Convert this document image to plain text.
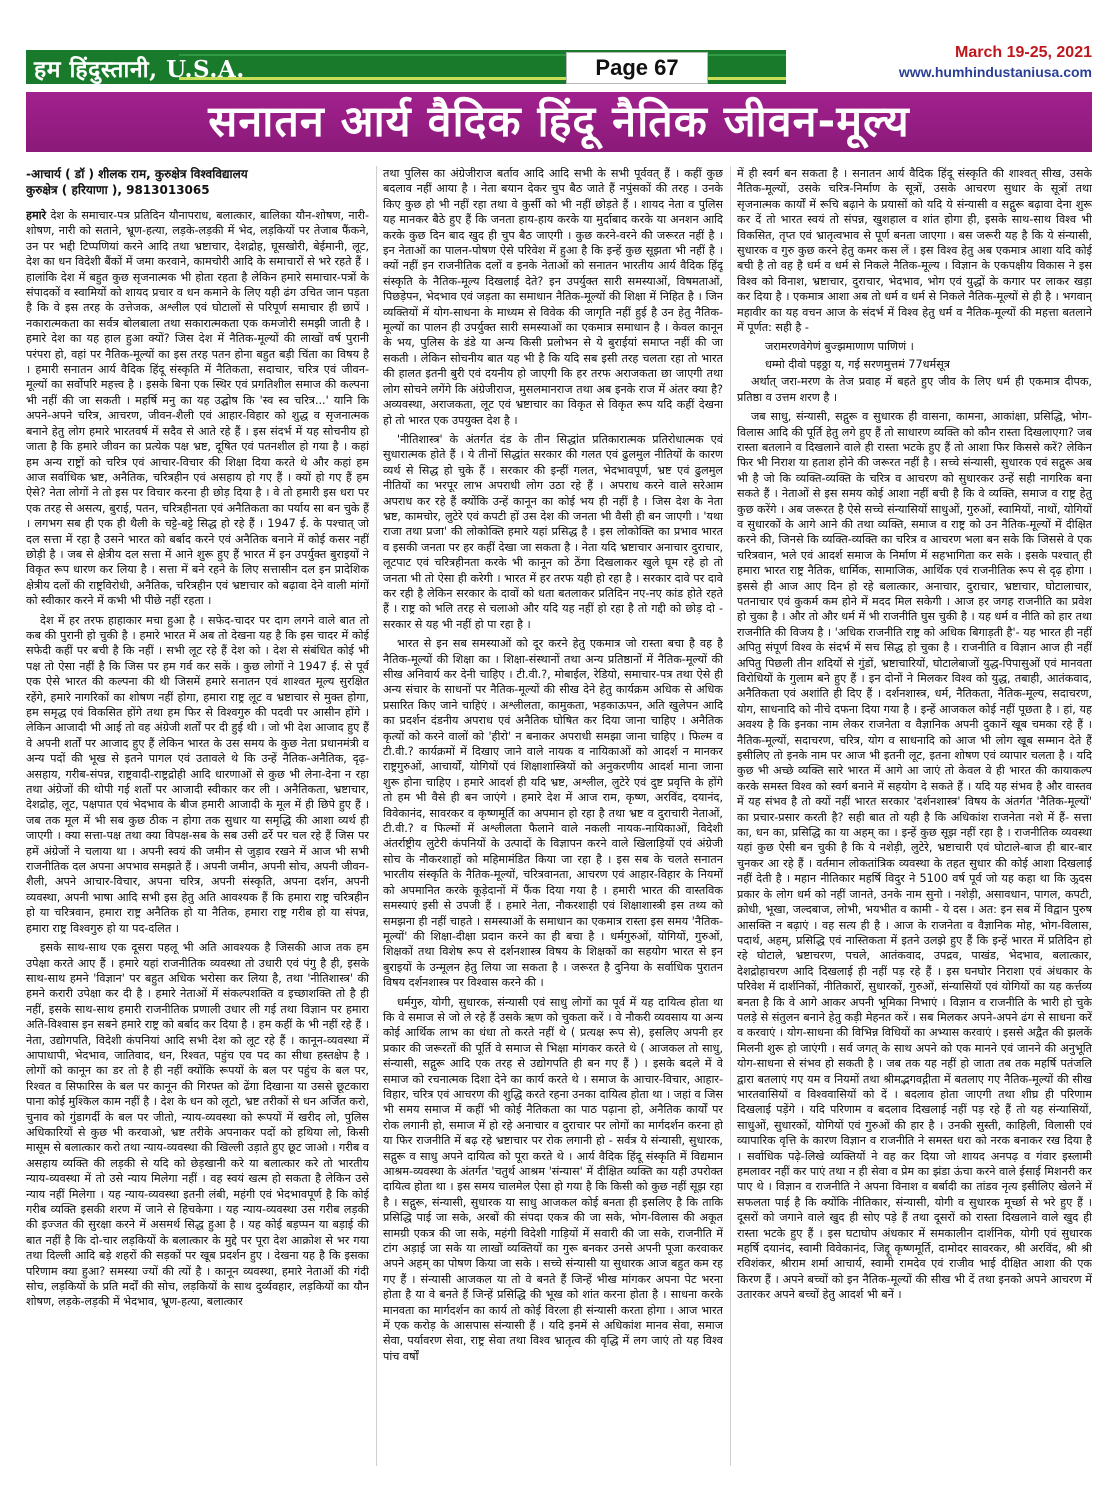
हम हिंदुस्तानी, U.S.A.	Page 67
March 19-25, 2021
www.humhindustaniusa.com
सनातन आर्य वैदिक हिंदू नैतिक जीवन-मूल्य
-आचार्य ( डॉ ) शीलक राम, कुरुक्षेत्र विश्वविद्यालय
कुरुक्षेत्र ( हरियाणा ), 9813013065

हमारे देश के समाचार-पत्र प्रतिदिन यौनापराध, बलात्कार, बालिका यौन-शोषण, नारी-शोषण, नारी को सताने, भ्रूण-हत्या, लड़के-लड़की में भेद, लड़कियों पर तेजाब फैंकने, उन पर भद्दी टिप्पणियां करने आदि तथा भ्रष्टाचार, देशद्रोह, घूसखोरी, बेईमानी, लूट, देश का धन विदेशी बैंकों में जमा करवाने, कामचोरी आदि के समाचारों से भरे रहते हैं । हालांकि देश में बहुत कुछ सृजनात्मक भी होता रहता है लेकिन हमारे समाचार-पत्रों के संपादकों व स्वामियों को शायद प्रचार व धन कमाने के लिए यही ढंग उचित जान पड़ता है कि वे इस तरह के उत्तेजक, अश्लील एवं घोटालों से परिपूर्ण समाचार ही छापें । नकारात्मकता का सर्वत्र बोलबाला तथा सकारात्मकता एक कमजोरी समझी जाती है । हमारे देश का यह हाल हुआ क्यों? जिस देश में नैतिक-मूल्यों की लाखों वर्ष पुरानी परंपरा हो, वहां पर नैतिक-मूल्यों का इस तरह पतन होना बहुत बड़ी चिंता का विषय है । हमारी सनातन आर्य वैदिक हिंदू संस्कृति में नैतिकता, सदाचार, चरित्र एवं जीवन-मूल्यों का सर्वोपरि महत्त्व है । इसके बिना एक स्थिर एवं प्रगतिशील समाज की कल्पना भी नहीं की जा सकती । महर्षि मनु का यह उद्घोष कि 'स्व स्व चरित्र...' यानि कि अपने-अपने चरित्र, आचरण, जीवन-शैली एवं आहार-विहार को शुद्ध व सृजनात्मक बनाने हेतु लोग हमारे भारतवर्ष में सदैव से आते रहे हैं । इस संदर्भ में यह सोचनीय हो जाता है कि हमारे जीवन का प्रत्येक पक्ष भ्रष्ट, दूषित एवं पतनशील हो गया है । कहां हम अन्य राष्ट्रों को चरित्र एवं आचार-विचार की शिक्षा दिया करते थे और कहां हम आज सर्वाधिक भ्रष्ट, अनैतिक, चरित्रहीन एवं असहाय हो गए हैं । क्यों हो गए हैं हम ऐसे? नेता लोगों ने तो इस पर विचार करना ही छोड़ दिया है । वे तो हमारी इस धरा पर एक तरह से असत्य, बुराई, पतन, चरित्रहीनता एवं अनैतिकता का पर्याय सा बन चुके हैं । लगभग सब ही एक ही थैली के चट्टे-बट्टे सिद्ध हो रहे हैं । 1947 ई. के पश्चात् जो दल सत्ता में रहा है उसने भारत को बर्बाद करने एवं अनैतिक बनाने में कोई कसर नहीं छोड़ी है । जब से क्षेत्रीय दल सत्ता में आने शुरू हुए हैं भारत में इन उपर्युक्त बुराइयों ने विकृत रूप धारण कर लिया है । सत्ता में बने रहने के लिए सत्तासीन दल इन प्रादेशिक क्षेत्रीय दलों की राष्ट्रविरोधी, अनैतिक, चरित्रहीन एवं भ्रष्टाचार को बढ़ावा देने वाली मांगों को स्वीकार करने में कभी भी पीछे नहीं रहता ।

देश में हर तरफ हाहाकार मचा हुआ है । सफेद-चादर पर दाग लगने वाले बात तो कब की पुरानी हो चुकी है । हमारे भारत में अब तो देखना यह है कि इस चादर में कोई सफेदी कहीं पर बची है कि नहीं । सभी लूट रहे हैं देश को । देश से संबंधित कोई भी पक्ष तो ऐसा नहीं है कि जिस पर हम गर्व कर सकें । कुछ लोगों ने 1947 ई. से पूर्व एक ऐसे भारत की कल्पना की थी जिसमें हमारे सनातन एवं शाश्वत मूल्य सुरक्षित रहेंगे, हमारे नागरिकों का शोषण नहीं होगा, हमारा राष्ट्र लूट व भ्रष्टाचार से मुक्त होगा, हम समृद्ध एवं विकसित होंगे तथा हम फिर से विश्वगुरु की पदवी पर आसीन होंगे । लेकिन आजादी भी आई तो वह अंग्रेजी शर्तों पर दी हुई थी । जो भी देश आजाद हुए हैं वे अपनी शर्तों पर आजाद हुए हैं लेकिन भारत के उस समय के कुछ नेता प्रधानमंत्री व अन्य पदों की भूख से इतने पागल एवं उतावले थे कि उन्हें नैतिक-अनैतिक, दृढ़-असहाय, गरीब-संपन्न, राष्ट्रवादी-राष्ट्रद्रोही आदि धारणाओं से कुछ भी लेना-देना न रहा तथा अंग्रेजों की थोपी गई शर्तों पर आजादी स्वीकार कर ली । अनैतिकता, भ्रष्टाचार, देशद्रोह, लूट, पक्षपात एवं भेदभाव के बीज हमारी आजादी के मूल में ही छिपे हुए हैं । जब तक मूल में भी सब कुछ ठीक न होगा तक सुधार या समृद्धि की आशा व्यर्थ ही जाएगी । क्या सत्ता-पक्ष तथा क्या विपक्ष-सब के सब उसी ढर्रे पर चल रहे हैं जिस पर हमें अंग्रेजों ने चलाया था । अपनी स्वयं की जमीन से जुड़ाव रखने में आज भी सभी राजनीतिक दल अपना अपभाव समझते हैं । अपनी जमीन, अपनी सोच, अपनी जीवन-शैली, अपने आचार-विचार, अपना चरित्र, अपनी संस्कृति, अपना दर्शन, अपनी व्यवस्था, अपनी भाषा आदि सभी इस हेतु अति आवश्यक हैं कि हमारा राष्ट्र चरित्रहीन हो या चरित्रवान, हमारा राष्ट्र अनैतिक हो या नैतिक, हमारा राष्ट्र गरीब हो या संपन्न, हमारा राष्ट्र विश्वगुरु हो या पद-दलित ।

इसके साथ-साथ एक दूसरा पहलू भी अति आवश्यक है जिसकी आज तक हम उपेक्षा करते आए हैं । हमारे यहां राजनीतिक व्यवस्था तो उधारी एवं पंगु है ही, इसके साथ-साथ हमने 'विज्ञान' पर बहुत अधिक भरोसा कर लिया है, तथा 'नीतिशास्त्र' की हमने करारी उपेक्षा कर दी है । हमारे नेताओं में संकल्पशक्ति व इच्छाशक्ति तो है ही नहीं, इसके साथ-साथ हमारी राजनीतिक प्रणाली उधार ली गई तथा विज्ञान पर हमारा अति-विश्वास इन सबने हमारे राष्ट्र को बर्बाद कर दिया है । हम कहीं के भी नहीं रहे हैं । नेता, उद्योगपति, विदेशी कंपनियां आदि सभी देश को लूट रहे हैं । कानून-व्यवस्था में आपाधापी, भेदभाव, जातिवाद, धन, रिश्वत, पहुंच एव पद का सीधा हस्तक्षेप है । लोगों को कानून का डर तो है ही नहीं क्योंकि रूपयों के बल पर पहुंच के बल पर, रिश्वत व सिफारिस के बल पर कानून की गिरफ्त को ढेंगा दिखाना या उससे छूटकारा पाना कोई मुश्किल काम नहीं है । देश के धन को लूटो, भ्रष्ट तरीकों से धन अर्जित करो, चुनाव को गुंडागर्दी के बल पर जीतो, न्याय-व्यवस्था को रूपयों में खरीद लो, पुलिस अधिकारियों से कुछ भी करवाओ, भ्रष्ट तरीके अपनाकर पदों को हथिया लो, किसी मासूम से बलात्कार करो तथा न्याय-व्यवस्था की खिल्ली उड़ाते हुए छूट जाओ । गरीब व असहाय व्यक्ति की लड़की से यदि को छेड़खानी करे या बलात्कार करे तो भारतीय न्याय-व्यवस्था में तो उसे न्याय मिलेगा नहीं । वह स्वयं खत्म हो सकता है लेकिन उसे न्याय नहीं मिलेगा । यह न्याय-व्यवस्था इतनी लंबी, महंगी एवं भेदभावपूर्ण है कि कोई गरीब व्यक्ति इसकी शरण में जाने से हिचकेगा । यह न्याय-व्यवस्था उस गरीब लड़की की इज्जत की सुरक्षा करने में असमर्थ सिद्ध हुआ है । यह कोई बड़प्पन या बड़ाई की बात नहीं है कि दो-चार लड़कियों के बलात्कार के मुद्दे पर पूरा देश आक्रोश से भर गया तथा दिल्ली आदि बड़े शहरों की सड़कों पर खूब प्रदर्शन हुए । देखना यह है कि इसका परिणाम क्या हुआ? समस्या ज्यों की त्यों है । कानून व्यवस्था, हमारे नेताओं की गंदी सोच, लड़कियों के प्रति मर्दों की सोच, लड़कियों के साथ दुर्व्यवहार, लड़कियों का यौन शोषण, लड़के-लड़की में भेदभाव, भ्रूण-हत्या, बलात्कार

तथा पुलिस का अंग्रेजीराज बर्ताव आदि आदि सभी के सभी पूर्ववत् हैं । कहीं कुछ बदलाव नहीं आया है । नेता बयान देकर चुप बैठ जाते हैं नपुंसकों की तरह । उनके किए कुछ हो भी नहीं रहा तथा वे कुर्सी को भी नहीं छोड़ते हैं । शायद नेता व पुलिस यह मानकर बैठे हुए हैं कि जनता हाय-हाय करके या मुर्दाबाद करके या अनशन आदि करके कुछ दिन बाद खुद ही चुप बैठ जाएगी । कुछ करने-वरने की जरूरत नहीं है । इन नेताओं का पालन-पोषण ऐसे परिवेश में हुआ है कि इन्हें कुछ सूझता भी नहीं है । क्यों नहीं इन राजनीतिक दलों व इनके नेताओं को सनातन भारतीय आर्य वैदिक हिंदू संस्कृति के नैतिक-मूल्य दिखलाई देते? इन उपर्युक्त सारी समस्याओं, विषमताओं, पिछड़ेपन, भेदभाव एवं जड़ता का समाधान नैतिक-मूल्यों की शिक्षा में निहित है । जिन व्यक्तियों में योग-साधना के माध्यम से विवेक की जागृति नहीं हुई है उन हेतु नैतिक-मूल्यों का पालन ही उपर्युक्त सारी समस्याओं का एकमात्र समाधान है । केवल कानून के भय, पुलिस के डंडे या अन्य किसी प्रलोभन से ये बुराईयां समाप्त नहीं की जा सकती । लेकिन सोचनीय बात यह भी है कि यदि सब इसी तरह चलता रहा तो भारत की हालत इतनी बुरी एवं दयनीय हो जाएगी कि हर तरफ अराजकता छा जाएगी तथा लोग सोचने लगेंगे कि अंग्रेजीराज, मुसलमानराज तथा अब इनके राज में अंतर क्या है? अव्यवस्था, अराजकता, लूट एवं भ्रष्टाचार का विकृत से विकृत रूप यदि कहीं देखना हो तो भारत एक उपयुक्त देश है ।

'नीतिशास्त्र' के अंतर्गत दंड के तीन सिद्धांत प्रतिकारात्मक प्रतिरोधात्मक एवं सुधारात्मक होते हैं । ये तीनों सिद्धांत सरकार की गलत एवं ढुलमुल नीतियों के कारण व्यर्थ से सिद्ध हो चुके हैं । सरकार की इन्हीं गलत, भेदभावपूर्ण, भ्रष्ट एवं ढुलमुल नीतियों का भरपूर लाभ अपराधी लोग उठा रहे हैं । अपराध करने वाले सरेआम अपराध कर रहे हैं क्योंकि उन्हें कानून का कोई भय ही नहीं है । जिस देश के नेता भ्रष्ट, कामचोर, लुटेरे एवं कपटी हों उस देश की जनता भी वैसी ही बन जाएगी । 'यथा राजा तथा प्रजा' की लोकोक्ति हमारे यहां प्रसिद्ध है । इस लोकोक्ति का प्रभाव भारत व इसकी जनता पर हर कहीं देखा जा सकता है । नेता यदि भ्रष्टाचार अनाचार दुराचार, लूटपाट एवं चरित्रहीनता करके भी कानून को ठेंगा दिखलाकर खुले घूम रहे हो तो जनता भी तो ऐसा ही करेगी । भारत में हर तरफ यही हो रहा है । सरकार दावे पर दावे कर रही है लेकिन सरकार के दावों को धता बतलाकर प्रतिदिन नए-नए कांड होते रहते हैं । राष्ट्र को भलि तरह से चलाओ और यदि यह नहीं हो रहा है तो गद्दी को छोड़ दो - सरकार से यह भी नहीं हो पा रहा है ।

भारत से इन सब समस्याओं को दूर करने हेतु एकमात्र जो रास्ता बचा है वह है नैतिक-मूल्यों की शिक्षा का । शिक्षा-संस्थानों तथा अन्य प्रतिष्ठानों में नैतिक-मूल्यों की सीख अनिवार्य कर देनी चाहिए । टी.वी.?, मोबाईल, रेडियो, समाचार-पत्र तथा ऐसे ही अन्य संचार के साधनों पर नैतिक-मूल्यों की सीख देने हेतु कार्यक्रम अधिक से अधिक प्रसारित किए जाने चाहिएं । अश्लीलता, कामुकता, भड़काऊपन, अति खुलेपन आदि का प्रदर्शन दंडनीय अपराध एवं अनैतिक घोषित कर दिया जाना चाहिए । अनैतिक कृत्यों को करने वालों को 'हीरो' न बनाकर अपराधी समझा जाना चाहिए । फिल्म व टी.वी.? कार्यक्रमों में दिखाए जाने वाले नायक व नायिकाओं को आदर्श न मानकर राष्ट्रगुरुओं, आचार्यों, योगियों एवं शिक्षाशास्त्रियों को अनुकरणीय आदर्श माना जाना शुरू होना चाहिए । हमारे आदर्श ही यदि भ्रष्ट, अश्लील, लुटेरे एवं दुष्ट प्रवृत्ति के होंगे तो हम भी वैसे ही बन जाएंगे । हमारे देश में आज राम, कृष्ण, अरविंद, दयानंद, विवेकानंद, सावरकर व कृष्णमूर्ति का अपमान हो रहा है तथा भ्रष्ट व दुराचारी नेताओं, टी.वी.? व फिल्मों में अश्लीलता फैलाने वाले नकली नायक-नायिकाओं, विदेशी अंतर्राष्ट्रीय लुटेरी कंपनियों के उत्पादों के विज्ञापन करने वाले खिलाड़ियों एवं अंग्रेजी सोच के नौकरशाहों को महिमामंडित किया जा रहा है । इस सब के चलते सनातन भारतीय संस्कृति के नैतिक-मूल्यों, चरित्रवानता, आचरण एवं आहार-विहार के नियमों को अपमानित करके कूड़ेदानों में फैंक दिया गया है । हमारी भारत की वास्तविक समस्याएं इसी से उपजी हैं । हमारे नेता, नौकरशाही एवं शिक्षाशास्त्री इस तथ्य को समझना ही नहीं चाहते । समस्याओं के समाधान का एकमात्र रास्ता इस समय 'नैतिक-मूल्यों' की शिक्षा-दीक्षा प्रदान करने का ही बचा है । धर्मगुरुओं, योगियों, गुरुओं, शिक्षकों तथा विशेष रूप से दर्शनशास्त्र विषय के शिक्षकों का सहयोग भारत से इन बुराइयों के उन्मूलन हेतु लिया जा सकता है । जरूरत है दुनिया के सर्वाधिक पुरातन विषय दर्शनशास्त्र पर विश्वास करने की ।

धर्मगुरु, योगी, सुधारक, संन्यासी एवं साधु लोगों का पूर्व में यह दायित्व होता था कि वे समाज से जो ले रहे हैं उसके ऋण को चुकता करें । वे नौकरी व्यवसाय या अन्य कोई आर्थिक लाभ का धंधा तो करते नहीं थे ( प्रत्यक्ष रूप से), इसलिए अपनी हर प्रकार की जरूरतों की पूर्ति वे समाज से भिक्षा मांगकर करते थे ( आजकल तो साधु, संन्यासी, सद्गुरू आदि एक तरह से उद्योगपति ही बन गए हैं ) । इसके बदले में वे समाज को रचनात्मक दिशा देने का कार्य करते थे । समाज के आचार-विचार, आहार-विहार, चरित्र एवं आचरण की शुद्धि करते रहना उनका दायित्व होता था । जहां व जिस भी समय समाज में कहीं भी कोई नैतिकता का पाठ पढ़ाना हो, अनैतिक कार्यों पर रोक लगानी हो, समाज में हो रहे अनाचार व दुराचार पर लोगों का मार्गदर्शन करना हो या फिर राजनीति में बढ़ रहे भ्रष्टाचार पर रोक लगानी हो - सर्वत्र ये संन्यासी, सुधारक, सद्गुरू व साधु अपने दायित्व को पूरा करते थे । आर्य वैदिक हिंदू संस्कृति में विद्यमान आश्रम-व्यवस्था के अंतर्गत 'चतुर्थ आश्रम 'संन्यास' में दीक्षित व्यक्ति का यही उपरोक्त दायित्व होता था । इस समय चालमेल ऐसा हो गया है कि किसी को कुछ नहीं सूझ रहा है । सद्गुरू, संन्यासी, सुधारक या साधु आजकल कोई बनता ही इसलिए है कि ताकि प्रसिद्धि पाई जा सके, अरबों की संपदा एकत्र की जा सके, भोग-विलास की अकूत सामग्री एकत्र की जा सके, महंगी विदेशी गाड़ियों में सवारी की जा सके, राजनीति में टांग अड़ाई जा सके या लाखों व्यक्तियों का गुरू बनकर उनसे अपनी पूजा करवाकर अपने अहम् का पोषण किया जा सके । सच्चे संन्यासी या सुधारक आज बहुत कम रह गए हैं । संन्यासी आजकल या तो वे बनते हैं जिन्हें भीख मांगकर अपना पेट भरना होता है या वे बनते हैं जिन्हें प्रसिद्धि की भूख को शांत करना होता है । साधना करके मानवता का मार्गदर्शन का कार्य तो कोई विरला ही संन्यासी करता होगा । आज भारत में एक करोड़ के आसपास संन्यासी हैं । यदि इनमें से अधिकांश मानव सेवा, समाज सेवा, पर्यावरण सेवा, राष्ट्र सेवा तथा विश्व भ्रातृत्व की वृद्धि में लग जाएं तो यह विश्व पांच वर्षों

में ही स्वर्ग बन सकता है । सनातन आर्य वैदिक हिंदू संस्कृति की शाश्वत् सीख, उसके नैतिक-मूल्यों, उसके चरित्र-निर्माण के सूत्रों, उसके आचरण सुधार के सूत्रों तथा सृजनात्मक कार्यों में रूचि बढ़ाने के प्रयासों को यदि ये संन्यासी व सद्गुरू बढ़ावा देना शुरू कर दें तो भारत स्वयं तो संपन्न, खुशहाल व शांत होगा ही, इसके साथ-साथ विश्व भी विकसित, तृप्त एवं भ्रातृत्वभाव से पूर्ण बनता जाएगा । बस जरूरी यह है कि ये संन्यासी, सुधारक व गुरु कुछ करने हेतु कमर कस लें । इस विश्व हेतु अब एकमात्र आशा यदि कोई बची है तो वह है धर्म व धर्म से निकले नैतिक-मूल्य । विज्ञान के एकपक्षीय विकास ने इस विश्व को विनाश, भ्रष्टाचार, दुराचार, भेदभाव, भोग एवं युद्धों के कगार पर लाकर खड़ा कर दिया है । एकमात्र आशा अब तो धर्म व धर्म से निकले नैतिक-मूल्यों से ही है । भगवान् महावीर का यह वचन आज के संदर्भ में विश्व हेतु धर्म व नैतिक-मूल्यों की महत्ता बतलाने में पूर्णत: सही है -

जरामरणवेगेणं बुज्झमाणाण पाणिणं ।

धम्मो दीवो पइठ्ठा य, गई सरणमुत्तमं 77धर्मसूत्र

अर्थात् जरा-मरण के तेज प्रवाह में बहते हुए जीव के लिए धर्म ही एकमात्र दीपक, प्रतिष्ठा व उत्तम शरण है ।

जब साधु, संन्यासी, सद्गुरू व सुधारक ही वासना, कामना, आकांक्षा, प्रसिद्धि, भोग-विलास आदि की पूर्ति हेतु लगे हुए हैं तो साधारण व्यक्ति को कौन रास्ता दिखलाएगा? जब रास्ता बतलाने व दिखलाने वाले ही रास्ता भटके हुए हैं तो आशा फिर किससे करें? लेकिन फिर भी निराश या हताश होने की जरूरत नहीं है । सच्चे संन्यासी, सुधारक एवं सद्गुरू अब भी है जो कि व्यक्ति-व्यक्ति के चरित्र व आचरण को सुधारकर उन्हें सही नागरिक बना सकते हैं । नेताओं से इस समय कोई आशा नहीं बची है कि वे व्यक्ति, समाज व राष्ट्र हेतु कुछ करेंगे । अब जरूरत है ऐसे सच्चे संन्यासियों साधुओं, गुरुओं, स्वामियों, नाथों, योगियों व सुधारकों के आगे आने की तथा व्यक्ति, समाज व राष्ट्र को उन नैतिक-मूल्यों में दीक्षित करने की, जिनसे कि व्यक्ति-व्यक्ति का चरित्र व आचरण भला बन सके कि जिससे वे एक चरित्रवान, भले एवं आदर्श समाज के निर्माण में सहभागिता कर सके । इसके पश्चात् ही हमारा भारत राष्ट्र नैतिक, धार्मिक, सामाजिक, आर्थिक एवं राजनीतिक रूप से दृढ़ होगा । इससे ही आज आए दिन हो रहे बलात्कार, अनाचार, दुराचार, भ्रष्टाचार, घोटालाचार, पतनाचार एवं कुकर्म कम होने में मदद मिल सकेगी । आज हर जगह राजनीति का प्रवेश हो चुका है । और तो और धर्म में भी राजनीति घुस चुकी है । यह धर्म व नीति को हार तथा राजनीति की विजय है । 'अधिक राजनीति राष्ट्र को अधिक बिगाड़ती है'- यह भारत ही नहीं अपितु संपूर्ण विश्व के संदर्भ में सच सिद्ध हो चुका है । राजनीति व विज्ञान आज ही नहीं अपितु पिछली तीन शदियों से गुंडों, भ्रष्टाचारियों, घोटालेबाजों युद्ध-पिपासुओं एवं मानवता विरोधियों के गुलाम बने हुए हैं । इन दोनों ने मिलकर विश्व को युद्ध, तबाही, आतंकवाद, अनैतिकता एवं अशांति ही दिए हैं । दर्शनशास्त्र, धर्म, नैतिकता, नैतिक-मूल्य, सदाचरण, योग, साधनादि को नीचे दफना दिया गया है । इन्हें आजकल कोई नहीं पूछता है । हां, यह अवश्य है कि इनका नाम लेकर राजनेता व वैज्ञानिक अपनी दुकानें खूब चमका रहे हैं । नैतिक-मूल्यों, सदाचरण, चरित्र, योग व साधनादि को आज भी लोग खूब सम्मान देते हैं इसीलिए तो इनके नाम पर आज भी इतनी लूट, इतना शोषण एवं व्यापार चलता है । यदि कुछ भी अच्छे व्यक्ति सारे भारत में आगे आ जाएं तो केवल वे ही भारत की कायाकल्प करके समस्त विश्व को स्वर्ग बनाने में सहयोग दे सकते हैं । यदि यह संभव है और वास्तव में यह संभव है तो क्यों नहीं भारत सरकार 'दर्शनशास्त्र' विषय के अंतर्गत 'नैतिक-मूल्यों' का प्रचार-प्रसार करती है? सही बात तो यही है कि अधिकांश राजनेता नशे में हैं- सत्ता का, धन का, प्रसिद्धि का या अहम् का । इन्हें कुछ सूझ नहीं रहा है । राजनीतिक व्यवस्था यहां कुछ ऐसी बन चुकी है कि ये नशेड़ी, लुटेरे, भ्रष्टाचारी एवं घोटाले-बाज ही बार-बार चुनकर आ रहे हैं । वर्तमान लोकतांत्रिक व्यवस्था के तहत सुधार की कोई आशा दिखलाई नहीं देती है । महान नीतिकार महर्षि विदुर ने 5100 वर्ष पूर्व जो यह कहा था कि ऊ्रदस प्रकार के लोग धर्म को नहीं जानते, उनके नाम सुनो । नशेड़ी, असावधान, पागल, कपटी, क्रोधी, भूखा, जल्दबाज, लोभी, भयभीत व कामी - ये दस । अत: इन सब में विद्वान पुरुष आसक्ति न बढ़ाएं । वह सत्य ही है । आज के राजनेता व वैज्ञानिक मोह, भोग-विलास, पदार्थ, अहम्, प्रसिद्धि एवं नास्तिकता में इतने उलझे हुए हैं कि इन्हें भारत में प्रतिदिन हो रहे घोटाले, भ्रष्टाचरण, पचले, आतंकवाद, उपद्रव, पाखंड, भेदभाव, बलात्कार, देशद्रोहाचरण आदि दिखलाई ही नहीं पड़ रहे हैं । इस घनघोर निराशा एवं अंधकार के परिवेश में दार्शनिकों, नीतिकारों, सुधारकों, गुरुओं, संन्यासियों एवं योगियों का यह कर्त्तव्य बनता है कि वे आगे आकर अपनी भूमिका निभाएं । विज्ञान व राजनीति के भारी हो चुके पलड़े से संतुलन बनाने हेतु कड़ी मेहनत करें । सब मिलकर अपने-अपने ढंग से साधना करें व करवाएं । योग-साधना की विभिन्न विधियों का अभ्यास करवाएं । इससे अद्वैत की झलकें मिलनी शुरू हो जाएंगी । सर्व जगत् के साथ अपने को एक मानने एवं जानने की अनुभूति योग-साधना से संभव हो सकती है । जब तक यह नहीं हो जाता तब तक महर्षि पतंजलि द्वारा बतलाएं गए यम व नियमों तथा श्रीमद्भगवद्गीता में बतलाए गए नैतिक-मूल्यों की सीख भारतवासियों व विश्ववासियों को दें । बदलाव होता जाएगी तथा शीघ्र ही परिणाम दिखलाई पड़ेंगे । यदि परिणाम व बदलाव दिखलाई नहीं पड़ रहे हैं तो यह संन्यासियों, साधुओं, सुधारकों, योगियों एवं गुरुओं की हार है । उनकी सुस्ती, काहिली, विलासी एवं व्यापारिक वृत्ति के कारण विज्ञान व राजनीति ने समस्त धरा को नरक बनाकर रख दिया है । सर्वाधिक पढ़े-लिखे व्यक्तियों ने वह कर दिया जो शायद अनपढ़ व गंवार इस्लामी हमलावर नहीं कर पाएं तथा न ही सेवा व प्रेम का झंडा ऊंचा करने वाले ईसाई मिशनरी कर पाए थे । विज्ञान व राजनीति ने अपना विनाश व बर्बादी का तांडव नृत्य इसीलिए खेलने में सफलता पाई है कि क्योंकि नीतिकार, संन्यासी, योगी व सुधारक मूर्च्छा से भरे हुए हैं । दूसरों को जगाने वाले खुद ही सोए पड़े हैं तथा दूसरों को रास्ता दिखलाने वाले खुद ही रास्ता भटके हुए हैं । इस घटाघोप अंधकार में समकालीन दार्शनिक, योगी एवं सुधारक महर्षि दयानंद, स्वामी विवेकानंद, जिद्दू कृष्णमूर्ति, दामोदर सावरकर, श्री अरविंद, श्री श्री रविशंकर, श्रीराम शर्मा आचार्य, स्वामी रामदेव एवं राजीव भाई दीक्षित आशा की एक किरण हैं । अपने बच्चों को इन नैतिक-मूल्यों की सीख भी दें तथा इनको अपने आचरण में उतारकर अपने बच्चों हेतु आदर्श भी बनें ।
